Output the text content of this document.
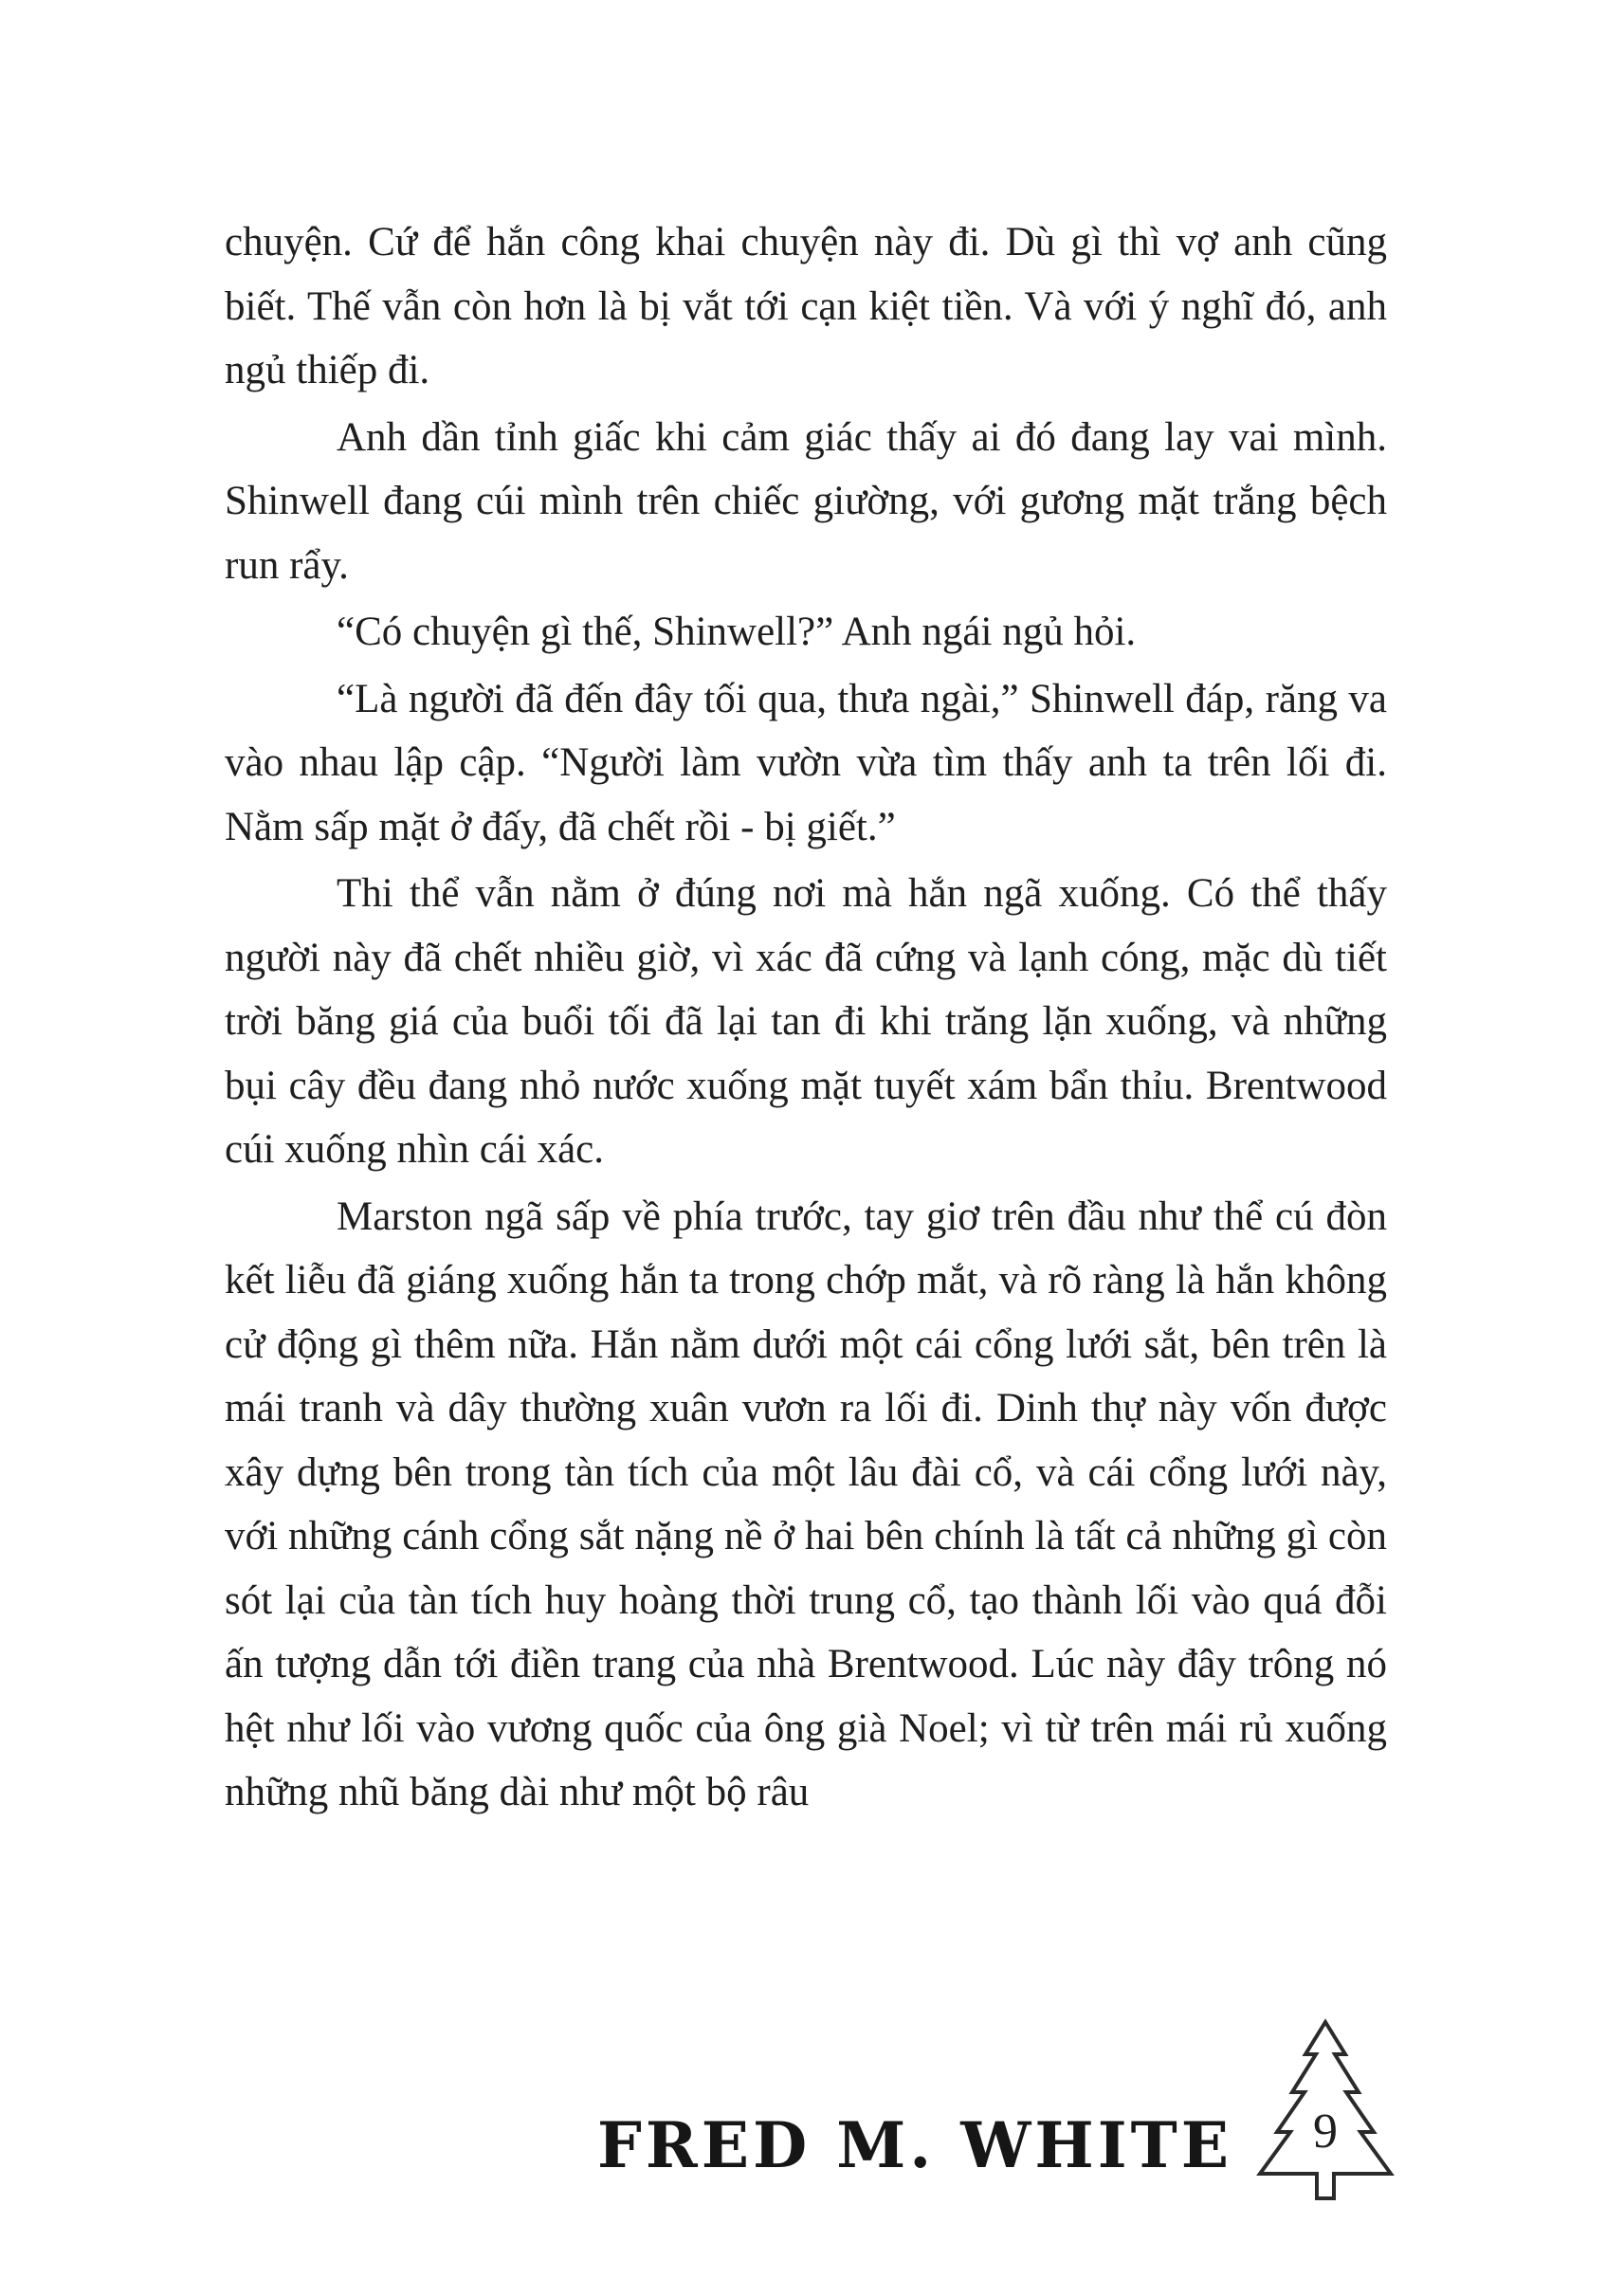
chuyện. Cứ để hắn công khai chuyện này đi. Dù gì thì vợ anh cũng biết. Thế vẫn còn hơn là bị vắt tới cạn kiệt tiền. Và với ý nghĩ đó, anh ngủ thiếp đi.

Anh dần tỉnh giấc khi cảm giác thấy ai đó đang lay vai mình. Shinwell đang cúi mình trên chiếc giường, với gương mặt trắng bệch run rẩy.

“Có chuyện gì thế, Shinwell?” Anh ngái ngủ hỏi.

“Là người đã đến đây tối qua, thưa ngài,” Shinwell đáp, răng va vào nhau lập cập. “Người làm vườn vừa tìm thấy anh ta trên lối đi. Nằm sấp mặt ở đấy, đã chết rồi - bị giết.”

Thi thể vẫn nằm ở đúng nơi mà hắn ngã xuống. Có thể thấy người này đã chết nhiều giờ, vì xác đã cứng và lạnh cóng, mặc dù tiết trời băng giá của buổi tối đã lại tan đi khi trăng lặn xuống, và những bụi cây đều đang nhỏ nước xuống mặt tuyết xám bẩn thỉu. Brentwood cúi xuống nhìn cái xác.

Marston ngã sấp về phía trước, tay giơ trên đầu như thể cú đòn kết liễu đã giáng xuống hắn ta trong chớp mắt, và rõ ràng là hắn không cử động gì thêm nữa. Hắn nằm dưới một cái cổng lưới sắt, bên trên là mái tranh và dây thường xuân vươn ra lối đi. Dinh thự này vốn được xây dựng bên trong tàn tích của một lâu đài cổ, và cái cổng lưới này, với những cánh cổng sắt nặng nề ở hai bên chính là tất cả những gì còn sót lại của tàn tích huy hoàng thời trung cổ, tạo thành lối vào quá đỗi ấn tượng dẫn tới điền trang của nhà Brentwood. Lúc này đây trông nó hệt như lối vào vương quốc của ông già Noel; vì từ trên mái rủ xuống những nhũ băng dài như một bộ râu

FRED M. WHITE	9
